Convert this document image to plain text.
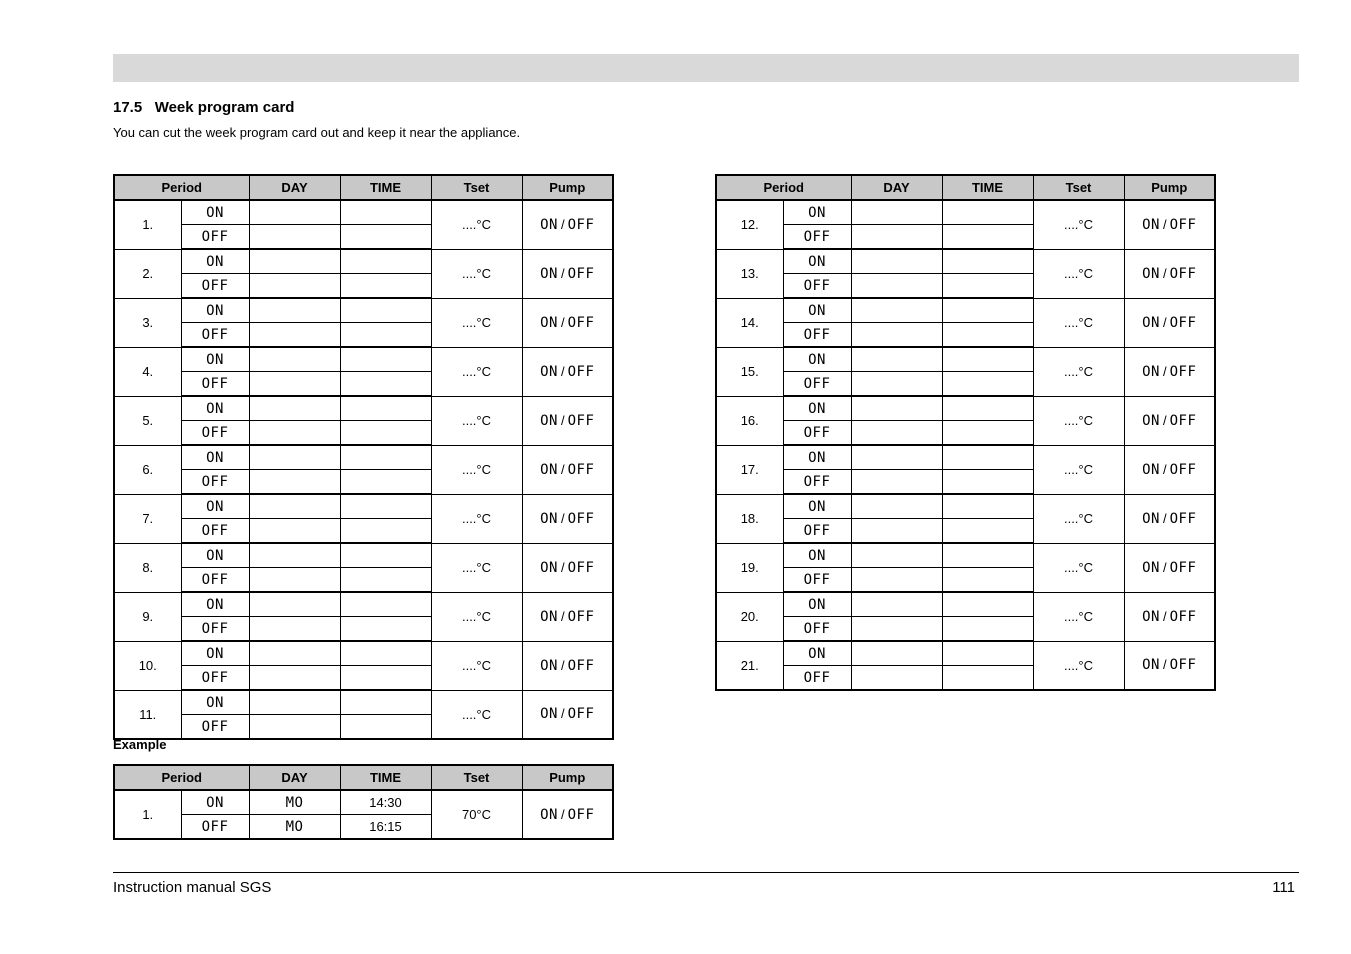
17.5   Week program card
You can cut the week program card out and keep it near the appliance.
Period		DAY	TIME	Tset	Pump
1.	ON			....°C	ON / OFF
	OFF				
2.	ON			....°C	ON / OFF
	OFF				
3.	ON			....°C	ON / OFF
	OFF				
4.	ON			....°C	ON / OFF
	OFF				
5.	ON			....°C	ON / OFF
	OFF				
6.	ON			....°C	ON / OFF
	OFF				
7.	ON			....°C	ON / OFF
	OFF				
8.	ON			....°C	ON / OFF
	OFF				
9.	ON			....°C	ON / OFF
	OFF				
10.	ON			....°C	ON / OFF
	OFF				
11.	ON			....°C	ON / OFF
	OFF				
Period		DAY	TIME	Tset	Pump
12.	ON			....°C	ON / OFF
	OFF				
13.	ON			....°C	ON / OFF
	OFF				
14.	ON			....°C	ON / OFF
	OFF				
15.	ON			....°C	ON / OFF
	OFF				
16.	ON			....°C	ON / OFF
	OFF				
17.	ON			....°C	ON / OFF
	OFF				
18.	ON			....°C	ON / OFF
	OFF				
19.	ON			....°C	ON / OFF
	OFF				
20.	ON			....°C	ON / OFF
	OFF				
21.	ON			....°C	ON / OFF
	OFF				
Example
Period		DAY	TIME	Tset	Pump
1.	ON	MO	14:30	70°C	ON / OFF
	OFF	MO	16:15		
Instruction manual SGS	111
